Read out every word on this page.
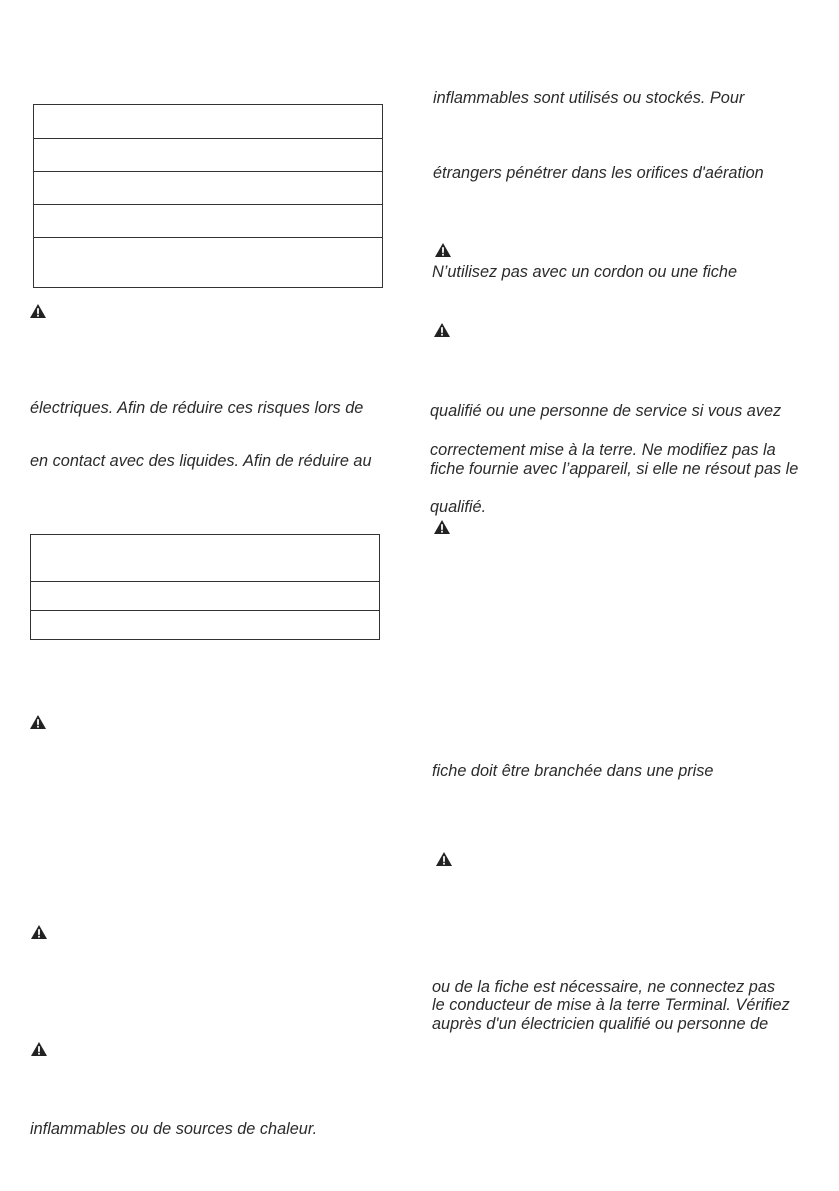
électriques. Afin de réduire ces risques lors de
en contact avec des liquides. Afin de réduire au
inflammables ou de sources de chaleur.
inflammables sont utilisés ou stockés. Pour
étrangers pénétrer dans les orifices d'aération
N’utilisez pas avec un cordon ou une fiche
qualifié ou une personne de service si vous avez
correctement mise à la terre. Ne modifiez pas la
fiche fournie avec l’appareil, si elle ne résout pas le
qualifié.
fiche doit être branchée dans une prise
ou de la fiche est nécessaire, ne connectez pas
le conducteur de mise à la terre Terminal. Vérifiez
auprès d'un électricien qualifié ou personne de
